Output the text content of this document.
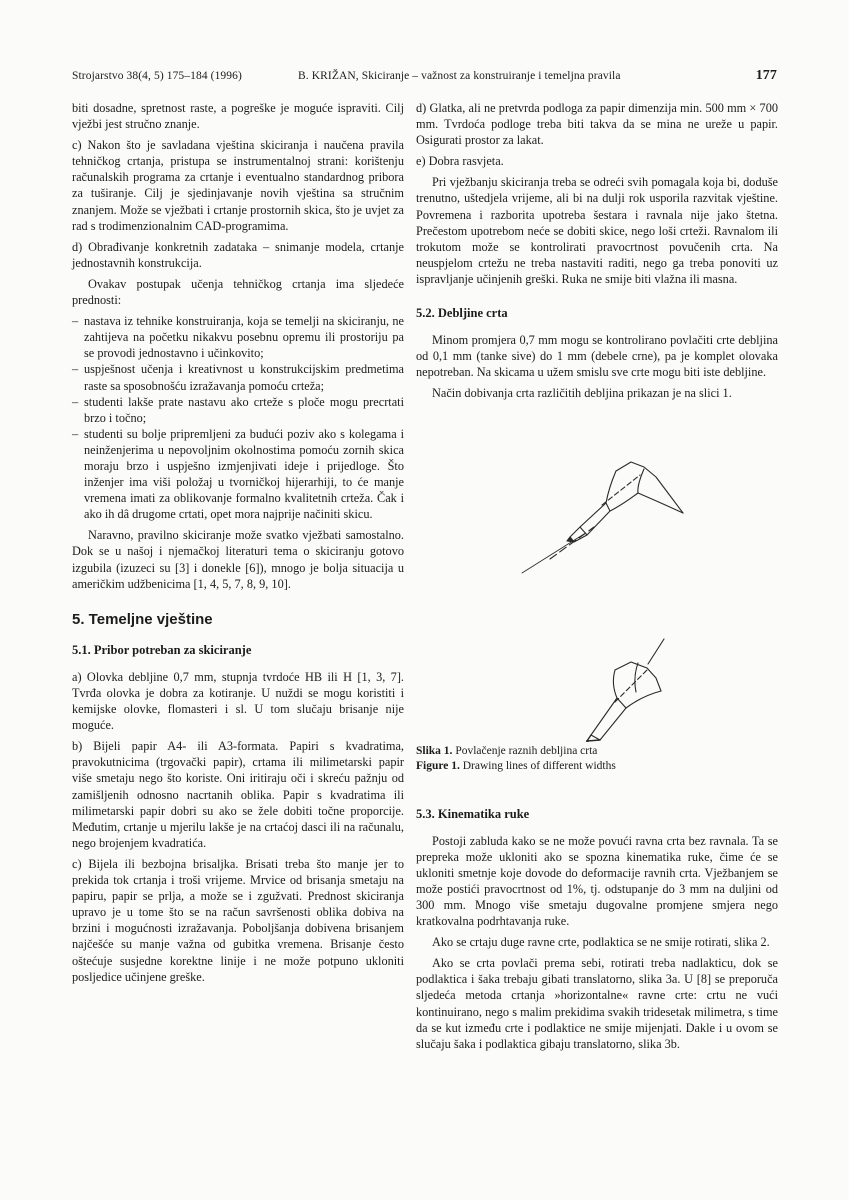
Strojarstvo 38(4, 5) 175–184 (1996)	B. KRIŽAN, Skiciranje – važnost za konstruiranje i temeljna pravila	177

biti dosadne, spretnost raste, a pogreške je moguće ispraviti. Cilj vježbi jest stručno znanje.

c) Nakon što je savladana vještina skiciranja i naučena pravila tehničkog crtanja, pristupa se instrumentalnoj strani: korištenju računalskih programa za crtanje i eventualno standardnog pribora za tuširanje. Cilj je sjedinjavanje novih vještina sa stručnim znanjem. Može se vježbati i crtanje prostornih skica, što je uvjet za rad s trodimenzionalnim CAD-programima.

d) Obrađivanje konkretnih zadataka – snimanje modela, crtanje jednostavnih konstrukcija.

Ovakav postupak učenja tehničkog crtanja ima sljedeće prednosti:

– nastava iz tehnike konstruiranja, koja se temelji na skiciranju, ne zahtijeva na početku nikakvu posebnu opremu ili prostoriju pa se provodi jednostavno i učinkovito;
– uspješnost učenja i kreativnost u konstrukcijskim predmetima raste sa sposobnošću izražavanja pomoću crteža;
– studenti lakše prate nastavu ako crteže s ploče mogu precrtati brzo i točno;
– studenti su bolje pripremljeni za budući poziv ako s kolegama i neinženjerima u nepovoljnim okolnostima pomoću zornih skica moraju brzo i uspješno izmjenjivati ideje i prijedloge. Što inženjer ima viši položaj u tvorničkoj hijerarhiji, to će manje vremena imati za oblikovanje formalno kvalitetnih crteža. Čak i ako ih dâ drugome crtati, opet mora najprije načiniti skicu.

Naravno, pravilno skiciranje može svatko vježbati samostalno. Dok se u našoj i njemačkoj literaturi tema o skiciranju gotovo izgubila (izuzeci su [3] i donekle [6]), mnogo je bolja situacija u američkim udžbenicima [1, 4, 5, 7, 8, 9, 10].

5. Temeljne vještine
5.1. Pribor potreban za skiciranje

a) Olovka debljine 0,7 mm, stupnja tvrdoće HB ili H [1, 3, 7]. Tvrđa olovka je dobra za kotiranje. U nuždi se mogu koristiti i kemijske olovke, flomasteri i sl. U tom slučaju brisanje nije moguće.

b) Bijeli papir A4- ili A3-formata. Papiri s kvadratima, pravokutnicima (trgovački papir), crtama ili milimetarski papir više smetaju nego što koriste. Oni iritiraju oči i skreću pažnju od zamišljenih odnosno nacrtanih oblika. Papir s kvadratima ili milimetarski papir dobri su ako se žele dobiti točne proporcije. Međutim, crtanje u mjerilu lakše je na crtaćoj dasci ili na računalu, nego brojenjem kvadratića.

c) Bijela ili bezbojna brisaljka. Brisati treba što manje jer to prekida tok crtanja i troši vrijeme. Mrvice od brisanja smetaju na papiru, papir se prlja, a može se i zgužvati. Prednost skiciranja upravo je u tome što se na račun savršenosti oblika dobiva na brzini i mogućnosti izražavanja. Poboljšanja dobivena brisanjem najčešće su manje važna od gubitka vremena. Brisanje često oštećuje susjedne korektne linije i ne može potpuno ukloniti posljedice učinjene greške.

d) Glatka, ali ne pretvrda podloga za papir dimenzija min. 500 mm × 700 mm. Tvrdoća podloge treba biti takva da se mina ne ureže u papir. Osigurati prostor za lakat.

e) Dobra rasvjeta.

Pri vježbanju skiciranja treba se odreći svih pomagala koja bi, doduše trenutno, uštedjela vrijeme, ali bi na dulji rok usporila razvitak vještine. Povremena i razborita upotreba šestara i ravnala nije jako štetna. Prečestom upotrebom neće se dobiti skice, nego loši crteži. Ravnalom ili trokutom može se kontrolirati pravocrtnost povučenih crta. Na neuspjelom crtežu ne treba nastaviti raditi, nego ga treba ponoviti uz ispravljanje učinjenih greški. Ruka ne smije biti vlažna ili masna.

5.2. Debljine crta

Minom promjera 0,7 mm mogu se kontrolirano povlačiti crte debljina od 0,1 mm (tanke sive) do 1 mm (debele crne), pa je komplet olovaka nepotreban. Na skicama u užem smislu sve crte mogu biti iste debljine.

Način dobivanja crta različitih debljina prikazan je na slici 1.

Slika 1. Povlačenje raznih debljina crta
Figure 1. Drawing lines of different widths
5.3. Kinematika ruke

Postoji zabluda kako se ne može povući ravna crta bez ravnala. Ta se prepreka može ukloniti ako se spozna kinematika ruke, čime će se ukloniti smetnje koje dovode do deformacije ravnih crta. Vježbanjem se može postići pravocrtnost od 1%, tj. odstupanje do 3 mm na duljini od 300 mm. Mnogo više smetaju dugovalne promjene smjera nego kratkovalna podrhtavanja ruke.

Ako se crtaju duge ravne crte, podlaktica se ne smije rotirati, slika 2.

Ako se crta povlači prema sebi, rotirati treba nadlakticu, dok se podlaktica i šaka trebaju gibati translatorno, slika 3a. U [8] se preporuča sljedeća metoda crtanja »horizontalne« ravne crte: crtu ne vući kontinuirano, nego s malim prekidima svakih tridesetak milimetra, s time da se kut između crte i podlaktice ne smije mijenjati. Dakle i u ovom se slučaju šaka i podlaktica gibaju translatorno, slika 3b.
